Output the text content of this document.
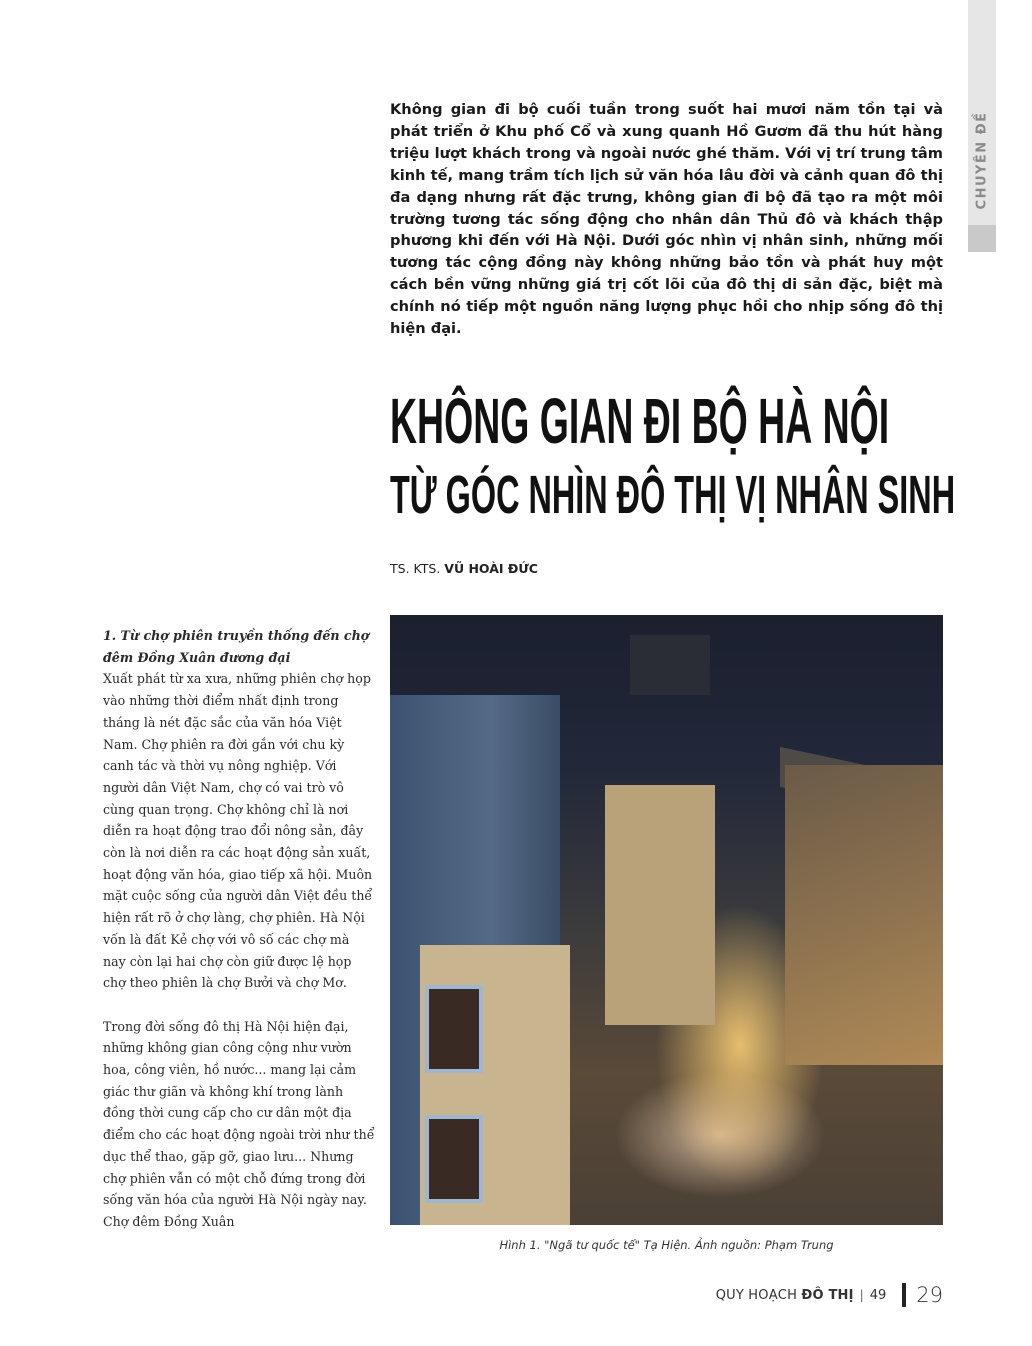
CHUYÊN ĐỀ
Không gian đi bộ cuối tuần trong suốt hai mươi năm tồn tại và phát triển ở Khu phố Cổ và xung quanh Hồ Gươm đã thu hút hàng triệu lượt khách trong và ngoài nước ghé thăm. Với vị trí trung tâm kinh tế, mang trầm tích lịch sử văn hóa lâu đời và cảnh quan đô thị đa dạng nhưng rất đặc trưng, không gian đi bộ đã tạo ra một môi trường tương tác sống động cho nhân dân Thủ đô và khách thập phương khi đến với Hà Nội. Dưới góc nhìn vị nhân sinh, những mối tương tác cộng đồng này không những bảo tồn và phát huy một cách bền vững những giá trị cốt lõi của đô thị di sản đặc, biệt mà chính nó tiếp một nguồn năng lượng phục hồi cho nhịp sống đô thị hiện đại.
KHÔNG GIAN ĐI BỘ HÀ NỘI
TỪ GÓC NHÌN ĐÔ THỊ VỊ NHÂN SINH
TS. KTS. VŨ HOÀI ĐỨC
1. Từ chợ phiên truyền thống đến chợ đêm Đồng Xuân đương đại

Xuất phát từ xa xưa, những phiên chợ họp vào những thời điểm nhất định trong tháng là nét đặc sắc của văn hóa Việt Nam. Chợ phiên ra đời gắn với chu kỳ canh tác và thời vụ nông nghiệp. Với người dân Việt Nam, chợ có vai trò vô cùng quan trọng. Chợ không chỉ là nơi diễn ra hoạt động trao đổi nông sản, đây còn là nơi diễn ra các hoạt động sản xuất, hoạt động văn hóa, giao tiếp xã hội. Muôn mặt cuộc sống của người dân Việt đều thể hiện rất rõ ở chợ làng, chợ phiên. Hà Nội vốn là đất Kẻ chợ với vô số các chợ mà nay còn lại hai chợ còn giữ được lệ họp chợ theo phiên là chợ Bưởi và chợ Mơ.

Trong đời sống đô thị Hà Nội hiện đại, những không gian công cộng như vườn hoa, công viên, hồ nước... mang lại cảm giác thư giãn và không khí trong lành đồng thời cung cấp cho cư dân một địa điểm cho các hoạt động ngoài trời như thể dục thể thao, gặp gỡ, giao lưu... Nhưng chợ phiên vẫn có một chỗ đứng trong đời sống văn hóa của người Hà Nội ngày nay. Chợ đêm Đồng Xuân

Hình 1. "Ngã tư quốc tế" Tạ Hiện. Ảnh nguồn: Phạm Trung
QUY HOẠCH ĐÔ THỊ | 49 29
